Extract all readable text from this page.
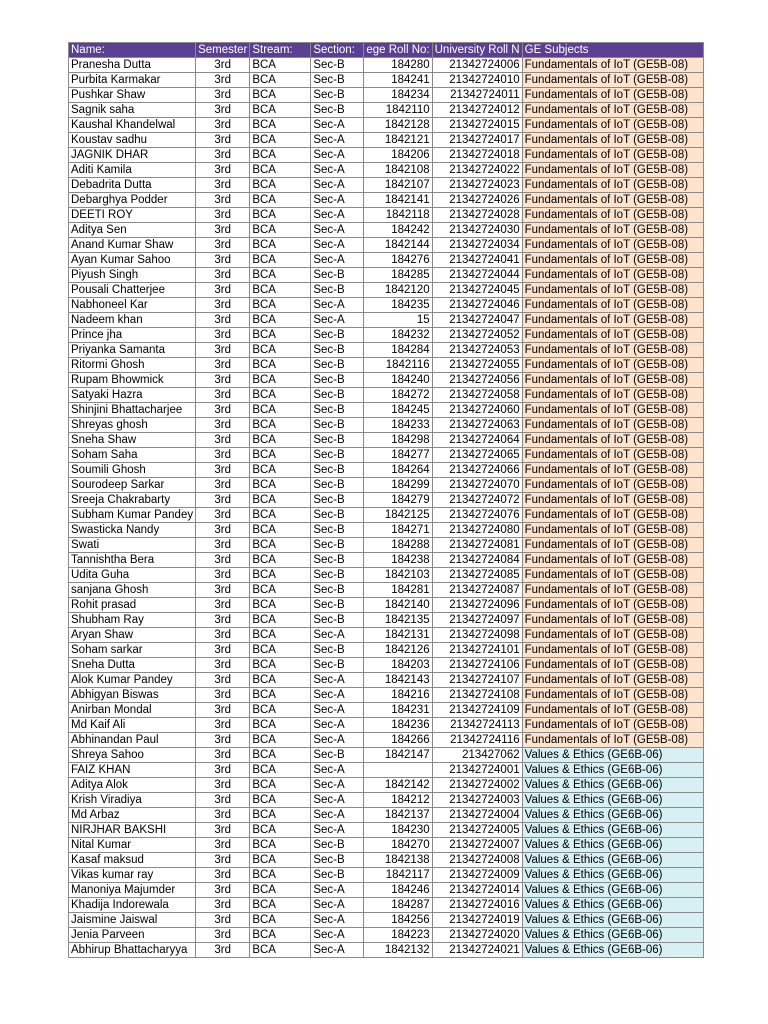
Name:	Semester	Stream:	Section:	ege Roll No:	University Roll N	GE Subjects
Pranesha Dutta	3rd	BCA	Sec-B	184280	21342724006	Fundamentals of IoT (GE5B-08)
Purbita Karmakar	3rd	BCA	Sec-B	184241	21342724010	Fundamentals of IoT (GE5B-08)
Pushkar Shaw	3rd	BCA	Sec-B	184234	21342724011	Fundamentals of IoT (GE5B-08)
Sagnik saha	3rd	BCA	Sec-B	1842110	21342724012	Fundamentals of IoT (GE5B-08)
Kaushal Khandelwal	3rd	BCA	Sec-A	1842128	21342724015	Fundamentals of IoT (GE5B-08)
Koustav sadhu	3rd	BCA	Sec-A	1842121	21342724017	Fundamentals of IoT (GE5B-08)
JAGNIK DHAR	3rd	BCA	Sec-A	184206	21342724018	Fundamentals of IoT (GE5B-08)
Aditi Kamila	3rd	BCA	Sec-A	1842108	21342724022	Fundamentals of IoT (GE5B-08)
Debadrita Dutta	3rd	BCA	Sec-A	1842107	21342724023	Fundamentals of IoT (GE5B-08)
Debarghya Podder	3rd	BCA	Sec-A	1842141	21342724026	Fundamentals of IoT (GE5B-08)
DEETI ROY	3rd	BCA	Sec-A	1842118	21342724028	Fundamentals of IoT (GE5B-08)
Aditya Sen	3rd	BCA	Sec-A	184242	21342724030	Fundamentals of IoT (GE5B-08)
Anand Kumar Shaw	3rd	BCA	Sec-A	1842144	21342724034	Fundamentals of IoT (GE5B-08)
Ayan Kumar Sahoo	3rd	BCA	Sec-A	184276	21342724041	Fundamentals of IoT (GE5B-08)
Piyush Singh	3rd	BCA	Sec-B	184285	21342724044	Fundamentals of IoT (GE5B-08)
Pousali Chatterjee	3rd	BCA	Sec-B	1842120	21342724045	Fundamentals of IoT (GE5B-08)
Nabhoneel Kar	3rd	BCA	Sec-A	184235	21342724046	Fundamentals of IoT (GE5B-08)
Nadeem khan	3rd	BCA	Sec-A	15	21342724047	Fundamentals of IoT (GE5B-08)
Prince jha	3rd	BCA	Sec-B	184232	21342724052	Fundamentals of IoT (GE5B-08)
Priyanka Samanta	3rd	BCA	Sec-B	184284	21342724053	Fundamentals of IoT (GE5B-08)
Ritormi Ghosh	3rd	BCA	Sec-B	1842116	21342724055	Fundamentals of IoT (GE5B-08)
Rupam Bhowmick	3rd	BCA	Sec-B	184240	21342724056	Fundamentals of IoT (GE5B-08)
Satyaki Hazra	3rd	BCA	Sec-B	184272	21342724058	Fundamentals of IoT (GE5B-08)
Shinjini Bhattacharjee	3rd	BCA	Sec-B	184245	21342724060	Fundamentals of IoT (GE5B-08)
Shreyas ghosh	3rd	BCA	Sec-B	184233	21342724063	Fundamentals of IoT (GE5B-08)
Sneha Shaw	3rd	BCA	Sec-B	184298	21342724064	Fundamentals of IoT (GE5B-08)
Soham Saha	3rd	BCA	Sec-B	184277	21342724065	Fundamentals of IoT (GE5B-08)
Soumili Ghosh	3rd	BCA	Sec-B	184264	21342724066	Fundamentals of IoT (GE5B-08)
Sourodeep Sarkar	3rd	BCA	Sec-B	184299	21342724070	Fundamentals of IoT (GE5B-08)
Sreeja Chakrabarty	3rd	BCA	Sec-B	184279	21342724072	Fundamentals of IoT (GE5B-08)
Subham Kumar Pandey	3rd	BCA	Sec-B	1842125	21342724076	Fundamentals of IoT (GE5B-08)
Swasticka Nandy	3rd	BCA	Sec-B	184271	21342724080	Fundamentals of IoT (GE5B-08)
Swati	3rd	BCA	Sec-B	184288	21342724081	Fundamentals of IoT (GE5B-08)
Tannishtha Bera	3rd	BCA	Sec-B	184238	21342724084	Fundamentals of IoT (GE5B-08)
Udita Guha	3rd	BCA	Sec-B	1842103	21342724085	Fundamentals of IoT (GE5B-08)
sanjana Ghosh	3rd	BCA	Sec-B	184281	21342724087	Fundamentals of IoT (GE5B-08)
Rohit prasad	3rd	BCA	Sec-B	1842140	21342724096	Fundamentals of IoT (GE5B-08)
Shubham Ray	3rd	BCA	Sec-B	1842135	21342724097	Fundamentals of IoT (GE5B-08)
Aryan Shaw	3rd	BCA	Sec-A	1842131	21342724098	Fundamentals of IoT (GE5B-08)
Soham sarkar	3rd	BCA	Sec-B	1842126	21342724101	Fundamentals of IoT (GE5B-08)
Sneha Dutta	3rd	BCA	Sec-B	184203	21342724106	Fundamentals of IoT (GE5B-08)
Alok Kumar Pandey	3rd	BCA	Sec-A	1842143	21342724107	Fundamentals of IoT (GE5B-08)
Abhigyan Biswas	3rd	BCA	Sec-A	184216	21342724108	Fundamentals of IoT (GE5B-08)
Anirban Mondal	3rd	BCA	Sec-A	184231	21342724109	Fundamentals of IoT (GE5B-08)
Md Kaif Ali	3rd	BCA	Sec-A	184236	21342724113	Fundamentals of IoT (GE5B-08)
Abhinandan Paul	3rd	BCA	Sec-A	184266	21342724116	Fundamentals of IoT (GE5B-08)
Shreya Sahoo	3rd	BCA	Sec-B	1842147	213427062	Values & Ethics (GE6B-06)
FAIZ KHAN	3rd	BCA	Sec-A		21342724001	Values & Ethics (GE6B-06)
Aditya Alok	3rd	BCA	Sec-A	1842142	21342724002	Values & Ethics (GE6B-06)
Krish Viradiya	3rd	BCA	Sec-A	184212	21342724003	Values & Ethics (GE6B-06)
Md Arbaz	3rd	BCA	Sec-A	1842137	21342724004	Values & Ethics (GE6B-06)
NIRJHAR BAKSHI	3rd	BCA	Sec-A	184230	21342724005	Values & Ethics (GE6B-06)
Nital Kumar	3rd	BCA	Sec-B	184270	21342724007	Values & Ethics (GE6B-06)
Kasaf maksud	3rd	BCA	Sec-B	1842138	21342724008	Values & Ethics (GE6B-06)
Vikas kumar ray	3rd	BCA	Sec-B	1842117	21342724009	Values & Ethics (GE6B-06)
Manoniya Majumder	3rd	BCA	Sec-A	184246	21342724014	Values & Ethics (GE6B-06)
Khadija Indorewala	3rd	BCA	Sec-A	184287	21342724016	Values & Ethics (GE6B-06)
Jaismine Jaiswal	3rd	BCA	Sec-A	184256	21342724019	Values & Ethics (GE6B-06)
Jenia Parveen	3rd	BCA	Sec-A	184223	21342724020	Values & Ethics (GE6B-06)
Abhirup Bhattacharyya	3rd	BCA	Sec-A	1842132	21342724021	Values & Ethics (GE6B-06)
